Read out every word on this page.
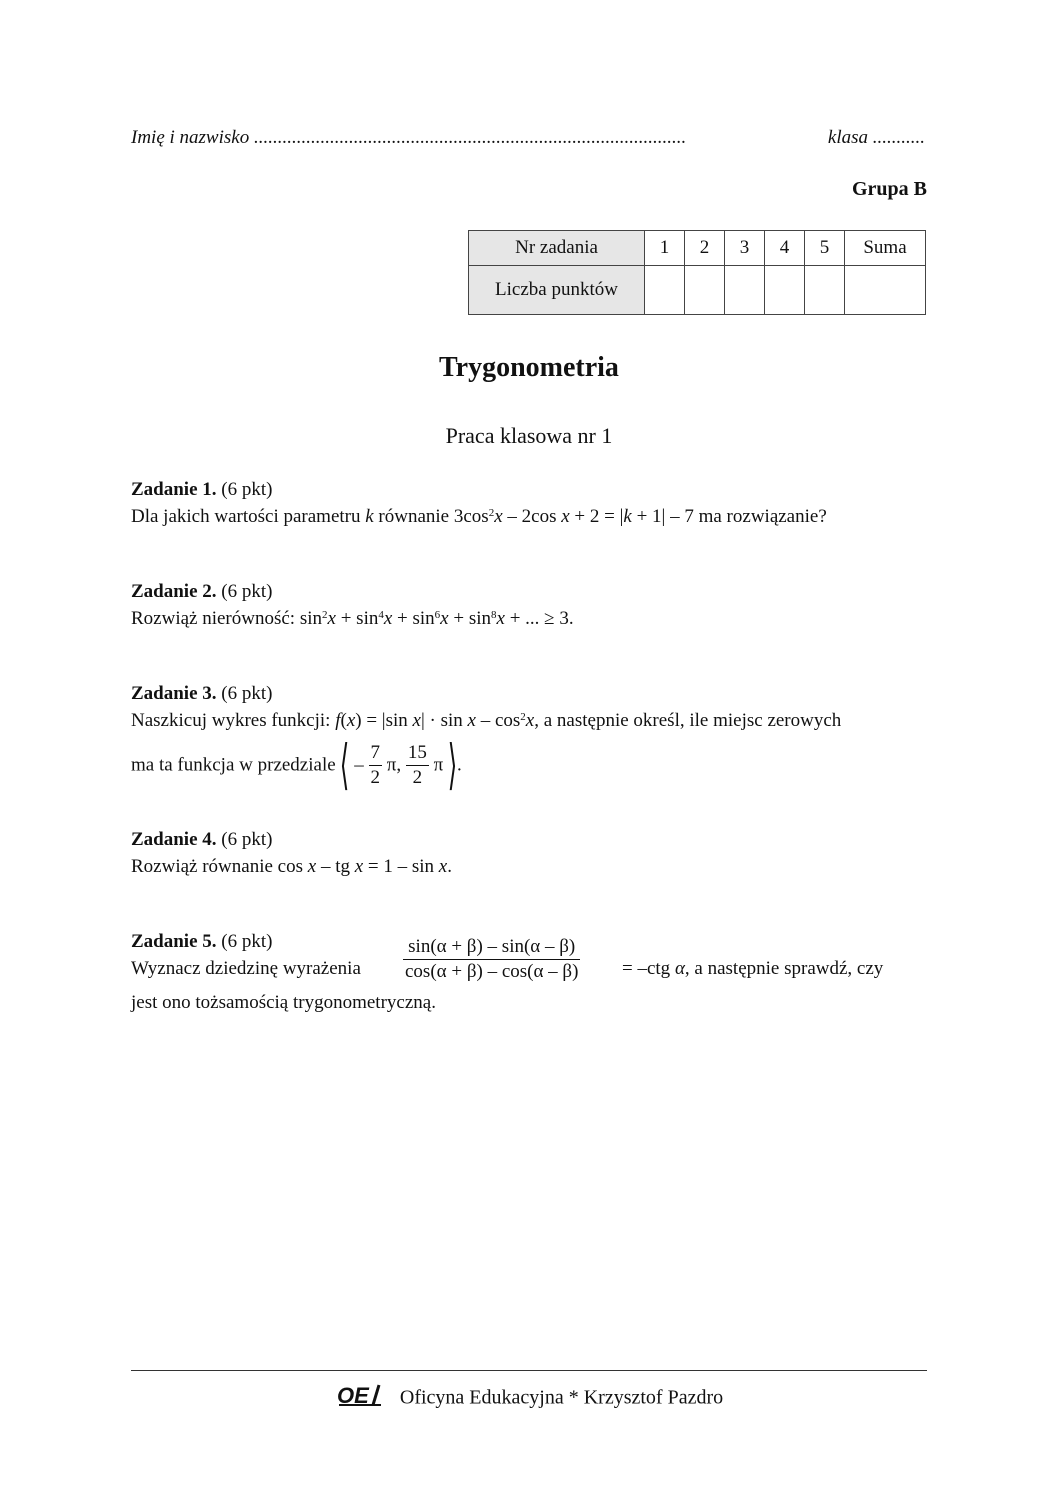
Imię i nazwisko ...........................................................................................	klasa ...........
Grupa B
Nr zadania	1	2	3	4	5	Suma
Liczba punktów						
Trygonometria
Praca klasowa nr 1
Zadanie 1. (6 pkt)
Dla jakich wartości parametru k równanie $3\cos^2x - 2\cos$ x + 2 = |k + 1| – 7 ma rozwiązanie?
Zadanie 2. (6 pkt)
Rozwiąż nierówność: $\sin^2x + \sin^4x + \sin^6x + \sin^8x$ + ... ≥ 3.
Zadanie 3. (6 pkt)
Naszkicuj wykres funkcji: f(x) = |sin $x| \cdot \sin x - \cos^2x$, a następnie określ, ile miejsc zerowych
ma ta funkcja w przedziale ⟨ – $\frac{7}{2} \pi$, $\frac{15}{2}$ π ⟩.
Zadanie 4. (6 pkt)
Rozwiąż równanie cos x – tg x = 1 – sin x.
Zadanie 5. (6 pkt)
Wyznacz dziedzinę wyrażenia $\frac{\sin(\alpha + \beta) - \sin(\alpha - \beta)}{\cos(\alpha + \beta) - \cos(\alpha - \beta)} = -ctg$ α, a następnie sprawdź, czy
jest ono tożsamością trygonometryczną.
OE Oficyna Edukacyjna * Krzysztof Pazdro
